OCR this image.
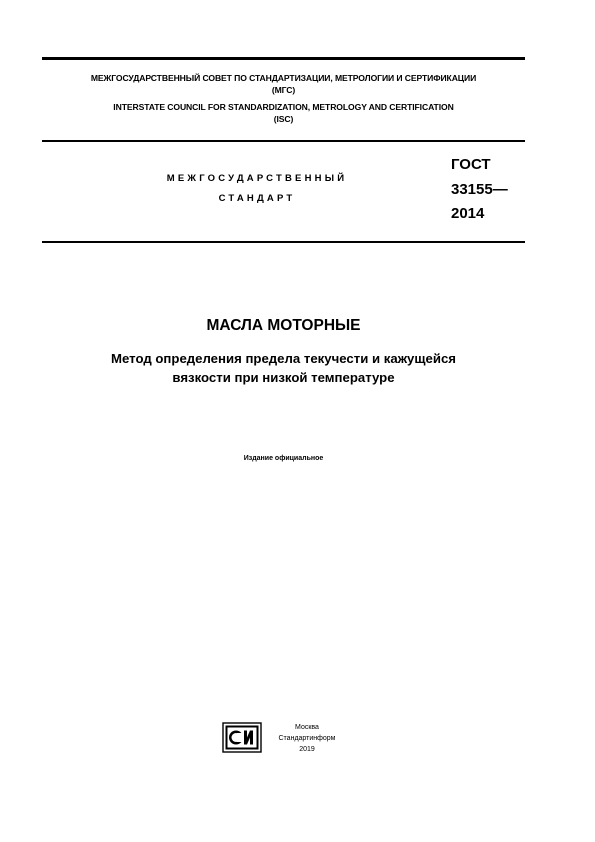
МЕЖГОСУДАРСТВЕННЫЙ СОВЕТ ПО СТАНДАРТИЗАЦИИ, МЕТРОЛОГИИ И СЕРТИФИКАЦИИ
(МГС)
INTERSTATE COUNCIL FOR STANDARDIZATION, METROLOGY AND CERTIFICATION
(ISC)
МЕЖГОСУДАРСТВЕННЫЙ
СТАНДАРТ
ГОСТ
33155—
2014
МАСЛА МОТОРНЫЕ
Метод определения предела текучести и кажущейся
вязкости при низкой температуре
Издание официальное
Москва
Стандартинформ
2019
